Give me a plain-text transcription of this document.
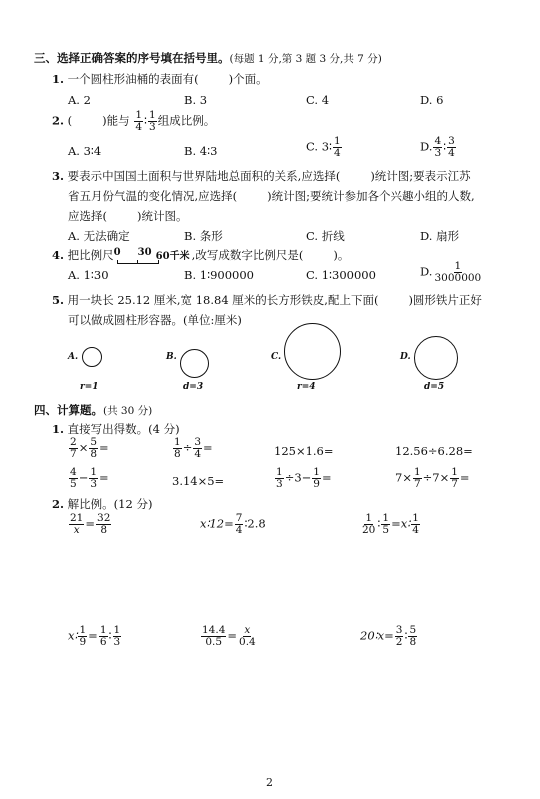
三、选择正确答案的序号填在括号里。(每题 1 分,第 3 题 3 分,共 7 分)
1. 一个圆柱形油桶的表面有(	)个面。
A. 2	B. 3	C. 4	D. 6
2. (	)能与 $\frac{1}{4}$ ∶ $\frac{1}{3}$ 组成比例。
A. 3∶4	B. 4∶3	C. 3∶ $\frac{1}{4}$	D. $\frac{4}{3}$ ∶ $\frac{3}{4}$
3. 要表示中国国土面积与世界陆地总面积的关系,应选择(	)统计图;要表示江苏
省五月份气温的变化情况,应选择(	)统计图;要统计参加各个兴趣小组的人数,
应选择(	)统计图。
A. 无法确定	B. 条形	C. 折线	D. 扇形
4. 把比例尺 0 30 60千米 ,改写成数字比例尺是(	)。
A. 1∶30	B. 1∶900000	C. 1∶300000	D. $\frac{1}{3000000}$
5. 用一块长 25.12 厘米,宽 18.84 厘米的长方形铁皮,配上下面(	)圆形铁片正好
可以做成圆柱形容器。(单位:厘米)
A.
r=1
B.
d=3
C.
r=4
D.
d=5
四、计算题。(共 30 分)
1. 直接写出得数。(4 分)
$\frac{2}{7} \times \frac{5}{8}$ =	$\frac{1}{8} \div \frac{3}{4}$ =	125×1.6=	12.56÷6.28=
$\frac{4}{5} - \frac{1}{3}$ =	3.14×5=	$\frac{1}{3} \div 3- \frac{1}{9}$ =	$7\times \frac{1}{7} \div 7\times \frac{1}{7}$ =
2. 解比例。(12 分)
$\frac{21}{x} = \frac{32}{8}$	x∶12= $\frac{7}{4}$ ∶2.8	$\frac{1}{20}$ ∶ $\frac{1}{5}$ =x∶ $\frac{1}{4}$
x∶ $\frac{1}{9} = \frac{1}{6}$ ∶ $\frac{1}{3}$	$\frac{14.4}{0.5} = \frac{x}{0.4}$	20∶x= $\frac{3}{2}$ ∶ $\frac{5}{8}$
2
